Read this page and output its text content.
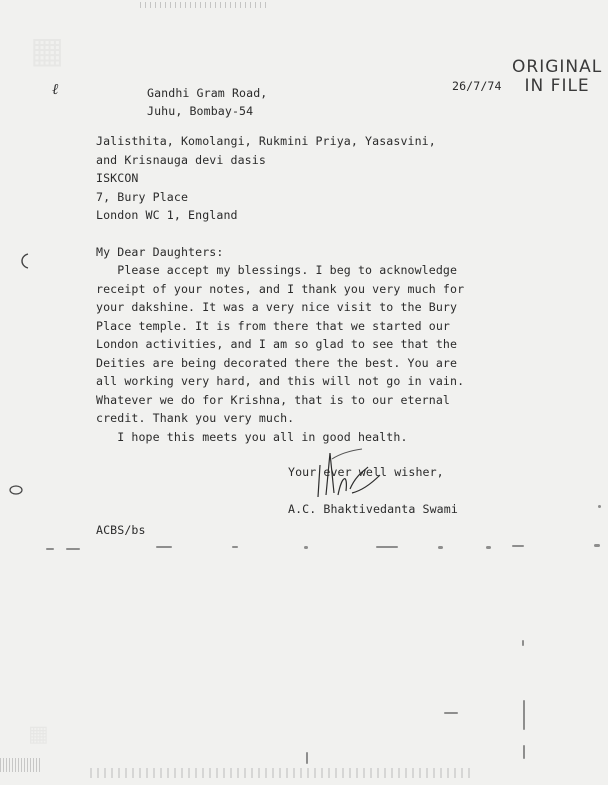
▦
▦
ORIGINAL
IN FILE
ℓ	26/7/74
Gandhi Gram Road,
Juhu, Bombay-54
Jalisthita, Komolangi, Rukmini Priya, Yasasvini,
and Krisnauga devi dasis
ISKCON
7, Bury Place
London WC 1, England
My Dear Daughters:
Please accept my blessings. I beg to acknowledge
receipt of your notes, and I thank you very much for
your dakshine. It was a very nice visit to the Bury
Place temple. It is from there that we started our
London activities, and I am so glad to see that the
Deities are being decorated there the best. You are
all working very hard, and this will not go in vain.
Whatever we do for Krishna, that is to our eternal
credit. Thank you very much.
I hope this meets you all in good health.
Your ever well wisher,
A.C. Bhaktivedanta Swami
ACBS/bs
